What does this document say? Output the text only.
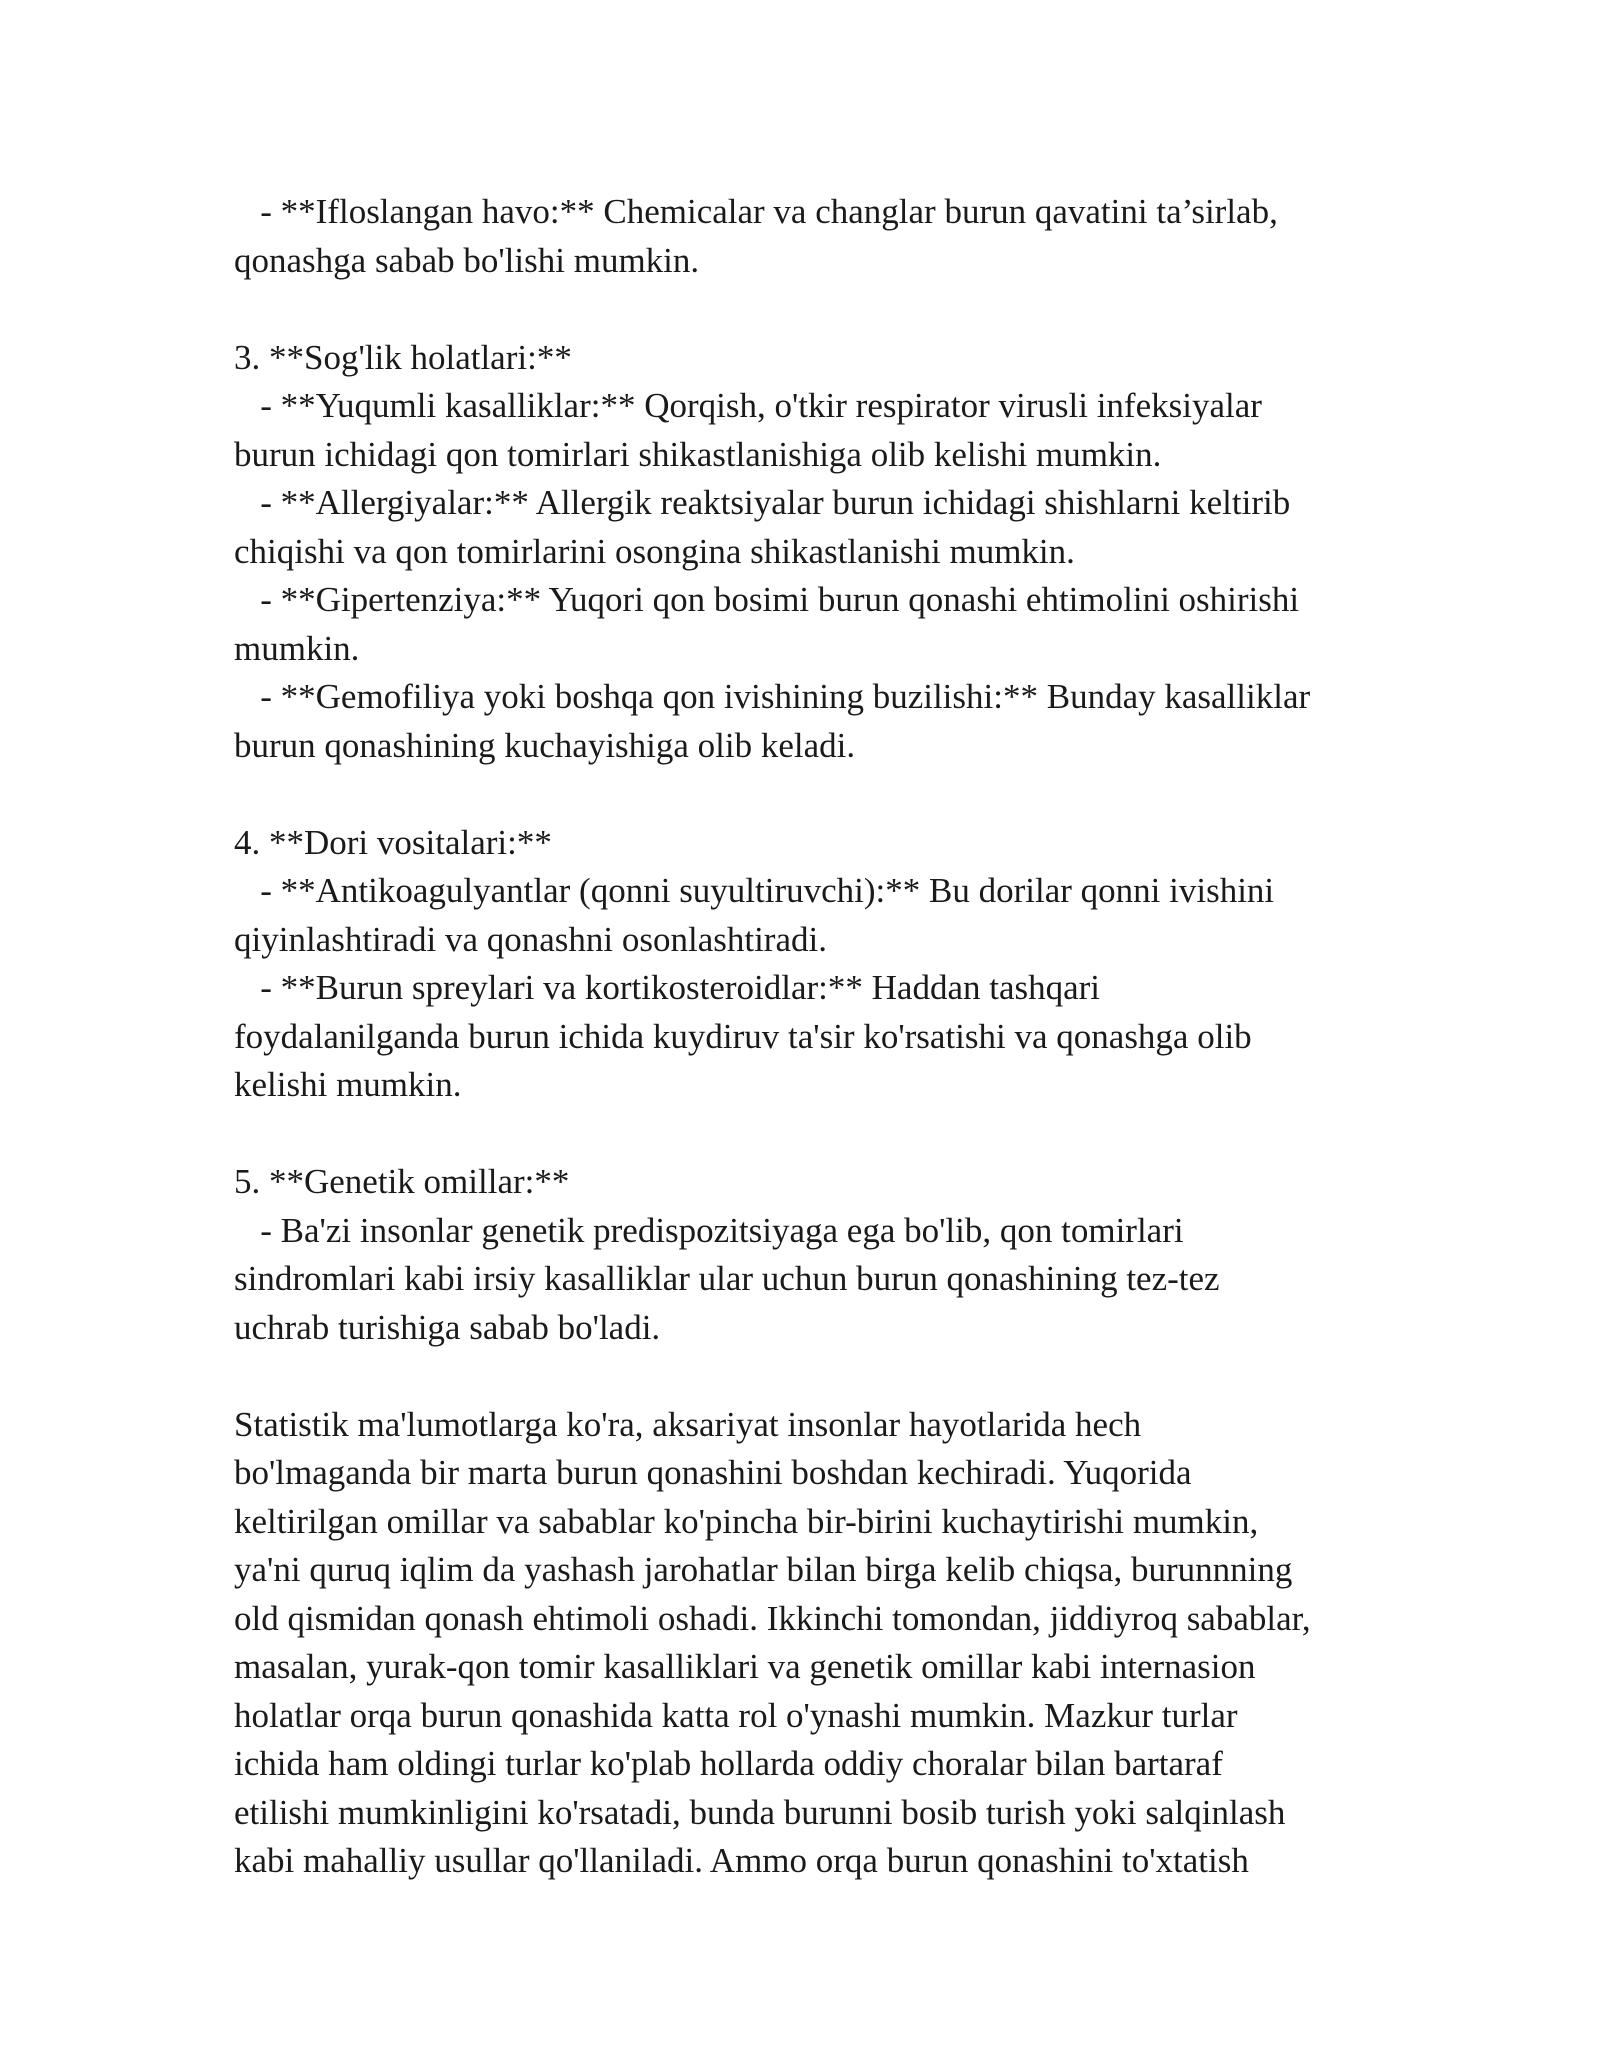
- **Ifloslangan havo:** Chemicalar va changlar burun qavatini ta’sirlab,
qonashga sabab bo'lishi mumkin.
3. **Sog'lik holatlari:**
- **Yuqumli kasalliklar:** Qorqish, o'tkir respirator virusli infeksiyalar
burun ichidagi qon tomirlari shikastlanishiga olib kelishi mumkin.
- **Allergiyalar:** Allergik reaktsiyalar burun ichidagi shishlarni keltirib
chiqishi va qon tomirlarini osongina shikastlanishi mumkin.
- **Gipertenziya:** Yuqori qon bosimi burun qonashi ehtimolini oshirishi
mumkin.
- **Gemofiliya yoki boshqa qon ivishining buzilishi:** Bunday kasalliklar
burun qonashining kuchayishiga olib keladi.
4. **Dori vositalari:**
- **Antikoagulyantlar (qonni suyultiruvchi):** Bu dorilar qonni ivishini
qiyinlashtiradi va qonashni osonlashtiradi.
- **Burun spreylari va kortikosteroidlar:** Haddan tashqari
foydalanilganda burun ichida kuydiruv ta'sir ko'rsatishi va qonashga olib
kelishi mumkin.
5. **Genetik omillar:**
- Ba'zi insonlar genetik predispozitsiyaga ega bo'lib, qon tomirlari
sindromlari kabi irsiy kasalliklar ular uchun burun qonashining tez-tez
uchrab turishiga sabab bo'ladi.
Statistik ma'lumotlarga ko'ra, aksariyat insonlar hayotlarida hech
bo'lmaganda bir marta burun qonashini boshdan kechiradi. Yuqorida
keltirilgan omillar va sabablar ko'pincha bir-birini kuchaytirishi mumkin,
ya'ni quruq iqlim da yashash jarohatlar bilan birga kelib chiqsa, burunnning
old qismidan qonash ehtimoli oshadi. Ikkinchi tomondan, jiddiyroq sabablar,
masalan, yurak-qon tomir kasalliklari va genetik omillar kabi internasion
holatlar orqa burun qonashida katta rol o'ynashi mumkin. Mazkur turlar
ichida ham oldingi turlar ko'plab hollarda oddiy choralar bilan bartaraf
etilishi mumkinligini ko'rsatadi, bunda burunni bosib turish yoki salqinlash
kabi mahalliy usullar qo'llaniladi. Ammo orqa burun qonashini to'xtatish
